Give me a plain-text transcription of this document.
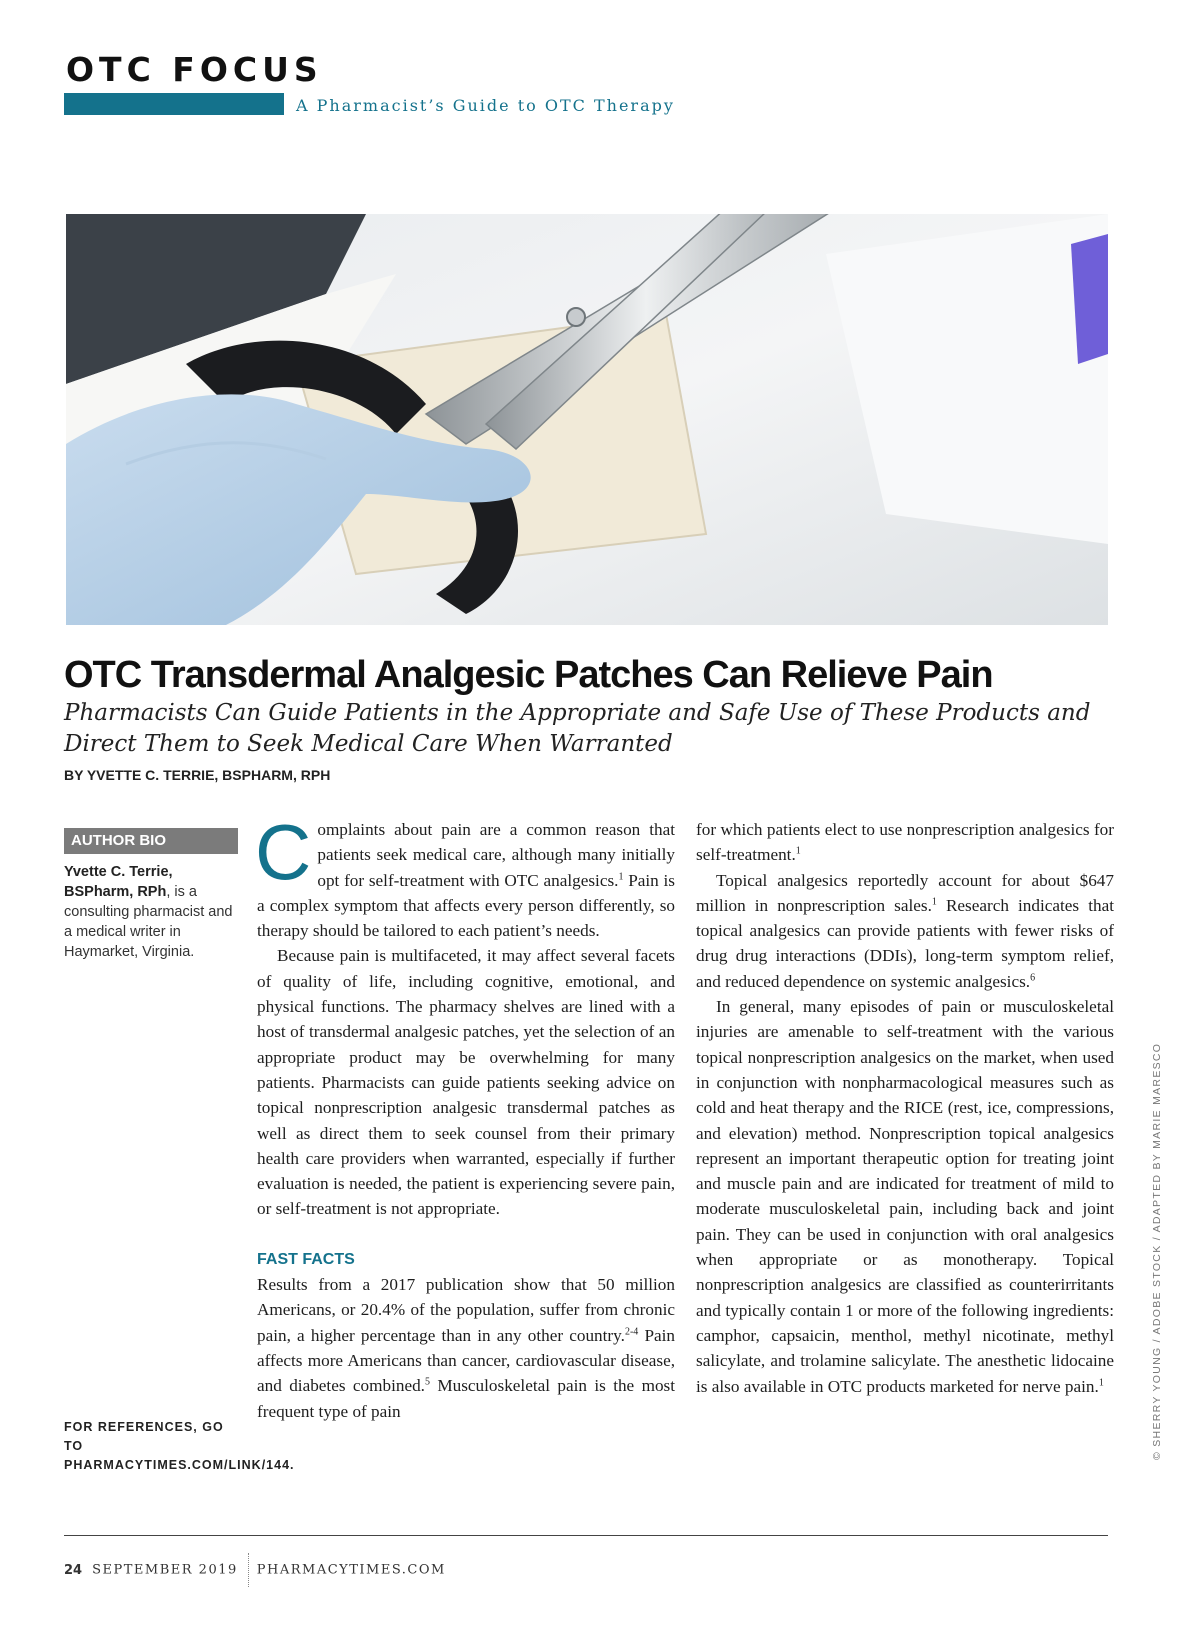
OTC FOCUS
A Pharmacist’s Guide to OTC Therapy
OTC Transdermal Analgesic Patches Can Relieve Pain
Pharmacists Can Guide Patients in the Appropriate and Safe Use of These Products and Direct Them to Seek Medical Care When Warranted
BY YVETTE C. TERRIE, BSPHARM, RPH
AUTHOR BIO
Yvette C. Terrie, BSPharm, RPh, is a consulting pharmacist and a medical writer in Haymarket, Virginia.
FOR REFERENCES, GO TO PHARMACYTIMES.COM/LINK/144.

Complaints about pain are a common reason that patients seek medical care, although many initially opt for self-treatment with OTC analgesics.$^1$ Pain is a complex symptom that affects every person differently, so therapy should be tailored to each patient’s needs.

Because pain is multifaceted, it may affect several facets of quality of life, including cognitive, emotional, and physical functions. The pharmacy shelves are lined with a host of transdermal analgesic patches, yet the selection of an appropriate product may be overwhelming for many patients. Pharmacists can guide patients seeking advice on topical nonprescription analgesic transdermal patches as well as direct them to seek counsel from their primary health care providers when warranted, especially if further evaluation is needed, the patient is experiencing severe pain, or self-treatment is not appropriate.

FAST FACTS

Results from a 2017 publication show that 50 million Americans, or 20.4% of the population, suffer from chronic pain, a higher percentage than in any other country.$^{2-4}$ Pain affects more Americans than cancer, cardiovascular disease, and diabetes combined.$^5$ Musculoskeletal pain is the most frequent type of pain

for which patients elect to use nonprescription analgesics for self-treatment.$^1$

Topical analgesics reportedly account for about $647 million in nonprescription sales.$^1$ Research indicates that topical analgesics can provide patients with fewer risks of drug drug interactions (DDIs), long-term symptom relief, and reduced dependence on systemic analgesics.$^6$

In general, many episodes of pain or musculoskeletal injuries are amenable to self-treatment with the various topical nonprescription analgesics on the market, when used in conjunction with nonpharmacological measures such as cold and heat therapy and the RICE (rest, ice, compressions, and elevation) method. Nonprescription topical analgesics represent an important therapeutic option for treating joint and muscle pain and are indicated for treatment of mild to moderate musculoskeletal pain, including back and joint pain. They can be used in conjunction with oral analgesics when appropriate or as monotherapy. Topical nonprescription analgesics are classified as counterirritants and typically contain 1 or more of the following ingredients: camphor, capsaicin, menthol, methyl nicotinate, methyl salicylate, and trolamine salicylate. The anesthetic lidocaine is also available in OTC products marketed for nerve pain.$^1$	© SHERRY YOUNG / ADOBE STOCK / ADAPTED BY MARIE MARESCO
24 SEPTEMBER 2019 PHARMACYTIMES.COM
